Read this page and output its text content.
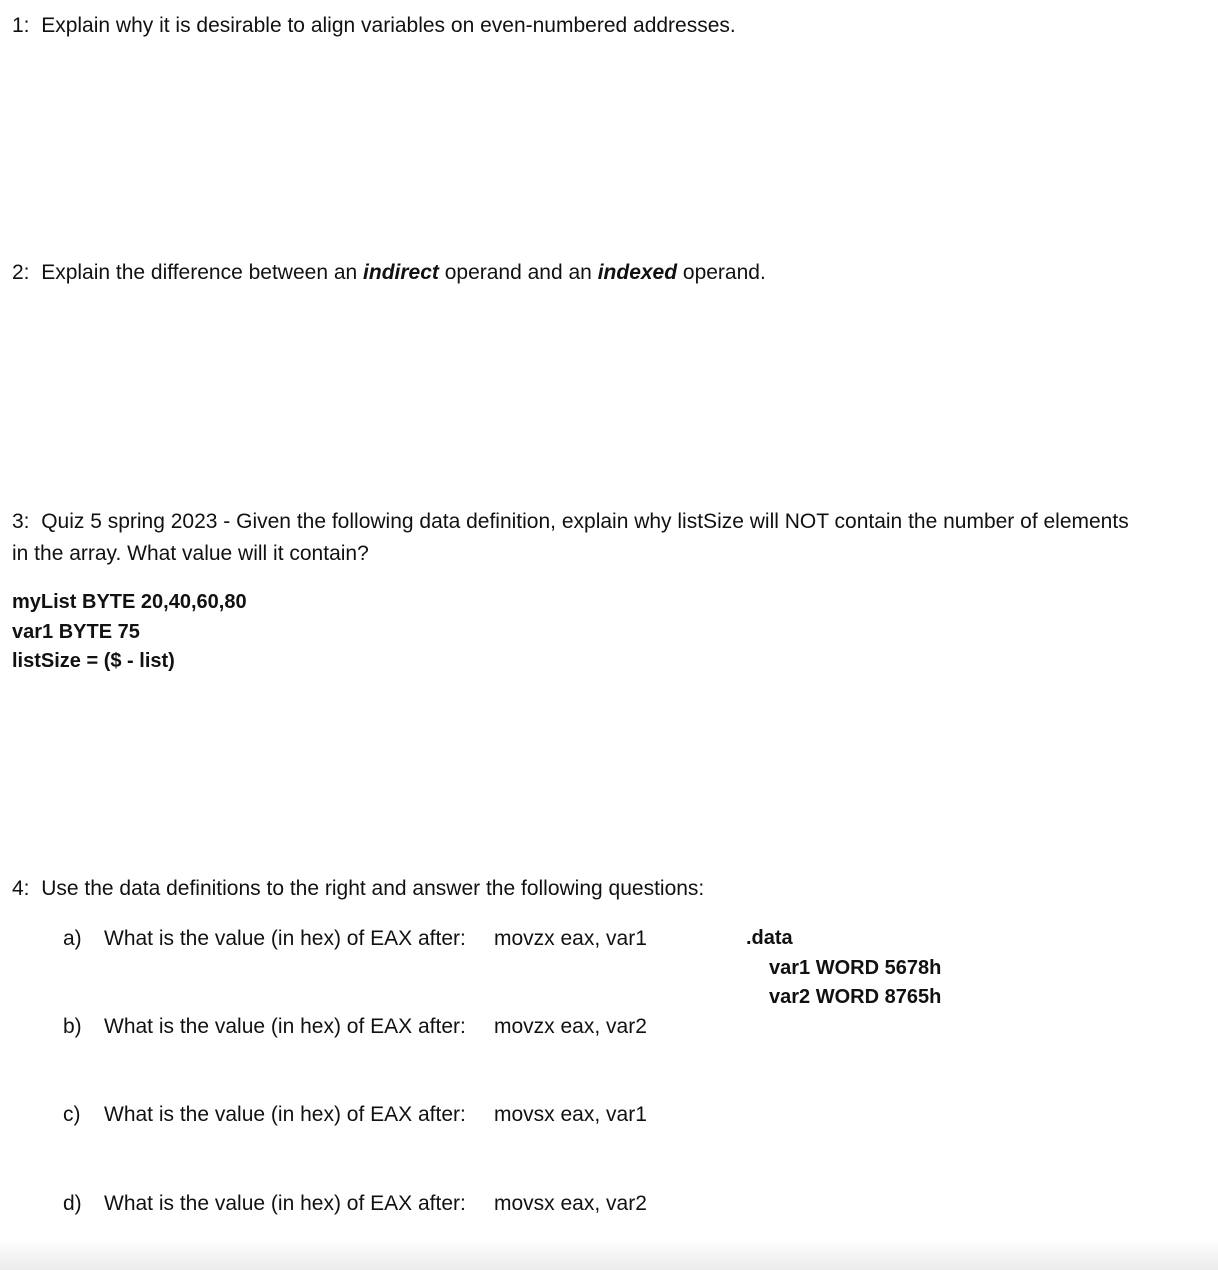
1: Explain why it is desirable to align variables on even-numbered addresses.
2: Explain the difference between an indirect operand and an indexed operand.
3: Quiz 5 spring 2023 - Given the following data definition, explain why listSize will NOT contain the number of elements
in the array. What value will it contain?
myList BYTE 20,40,60,80
var1 BYTE 75
listSize = ($ - list)
4: Use the data definitions to the right and answer the following questions:
a) What is the value (in hex) of EAX after: movzx eax, var1
b) What is the value (in hex) of EAX after: movzx eax, var2
c) What is the value (in hex) of EAX after: movsx eax, var1
d) What is the value (in hex) of EAX after: movsx eax, var2
.data
var1 WORD 5678h
var2 WORD 8765h
